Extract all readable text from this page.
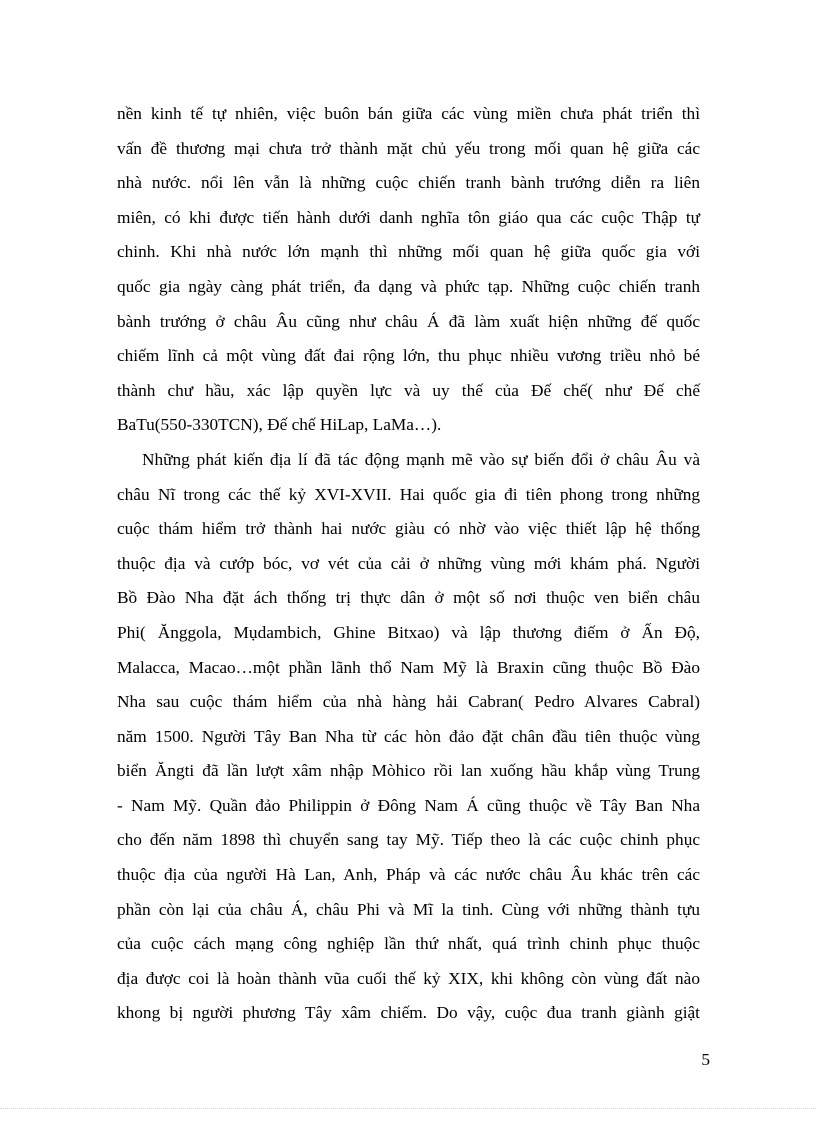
nền kinh tế tự nhiên, việc buôn bán giữa các vùng miền chưa phát triển thì
vấn đề thương mại chưa trở thành mặt chủ yếu trong mối quan hệ giữa các
nhà nước. nổi lên vẫn là những cuộc chiến tranh bành trướng diễn ra liên
miên, có khi được tiến hành dưới danh nghĩa tôn giáo qua các cuộc Thập tự
chinh. Khi nhà nước lớn mạnh thì những mối quan hệ giữa quốc gia với
quốc gia ngày càng phát triển, đa dạng và phức tạp. Những cuộc chiến tranh
bành trướng ở châu Âu cũng như châu Á đã làm xuất hiện những đế quốc
chiếm lĩnh cả một vùng đất đai rộng lớn, thu phục nhiều vương triều nhỏ bé
thành chư hầu, xác lập quyền lực và uy thế của Đế chế( như Đế chế
BaTu(550-330TCN), Đế chế HiLap, LaMa…).
Những phát kiến địa lí đã tác động mạnh mẽ vào sự biến đổi ở châu Âu và
châu Nĩ trong các thế kỷ XVI-XVII. Hai quốc gia đi tiên phong trong những
cuộc thám hiểm trở thành hai nước giàu có nhờ vào việc thiết lập hệ thống
thuộc địa và cướp bóc, vơ vét của cải ở những vùng mới khám phá. Người
Bồ Đào Nha đặt ách thống trị thực dân ở một số nơi thuộc ven biển châu
Phi( Ănggola, Mụdambich, Ghine Bitxao) và lập thương điếm ở Ấn Độ,
Malacca, Macao…một phần lãnh thổ Nam Mỹ là Braxin cũng thuộc Bồ Đào
Nha sau cuộc thám hiểm của nhà hàng hải Cabran( Pedro Alvares Cabral)
năm 1500. Người Tây Ban Nha từ các hòn đảo đặt chân đầu tiên thuộc vùng
biển Ăngti đã lần lượt xâm nhập Mòhico rồi lan xuống hầu khắp vùng Trung
- Nam Mỹ. Quần đảo Philippin ở Đông Nam Á cũng thuộc về Tây Ban Nha
cho đến năm 1898 thì chuyển sang tay Mỹ. Tiếp theo là các cuộc chinh phục
thuộc địa của người Hà Lan, Anh, Pháp và các nước châu Âu khác trên các
phần còn lại của châu Á, châu Phi và Mĩ la tinh. Cùng với những thành tựu
của cuộc cách mạng công nghiệp lần thứ nhất, quá trình chinh phục thuộc
địa được coi là hoàn thành vũa cuối thế kỷ XIX, khi không còn vùng đất nào
khong bị người phương Tây xâm chiếm. Do vậy, cuộc đua tranh giành giật
5
